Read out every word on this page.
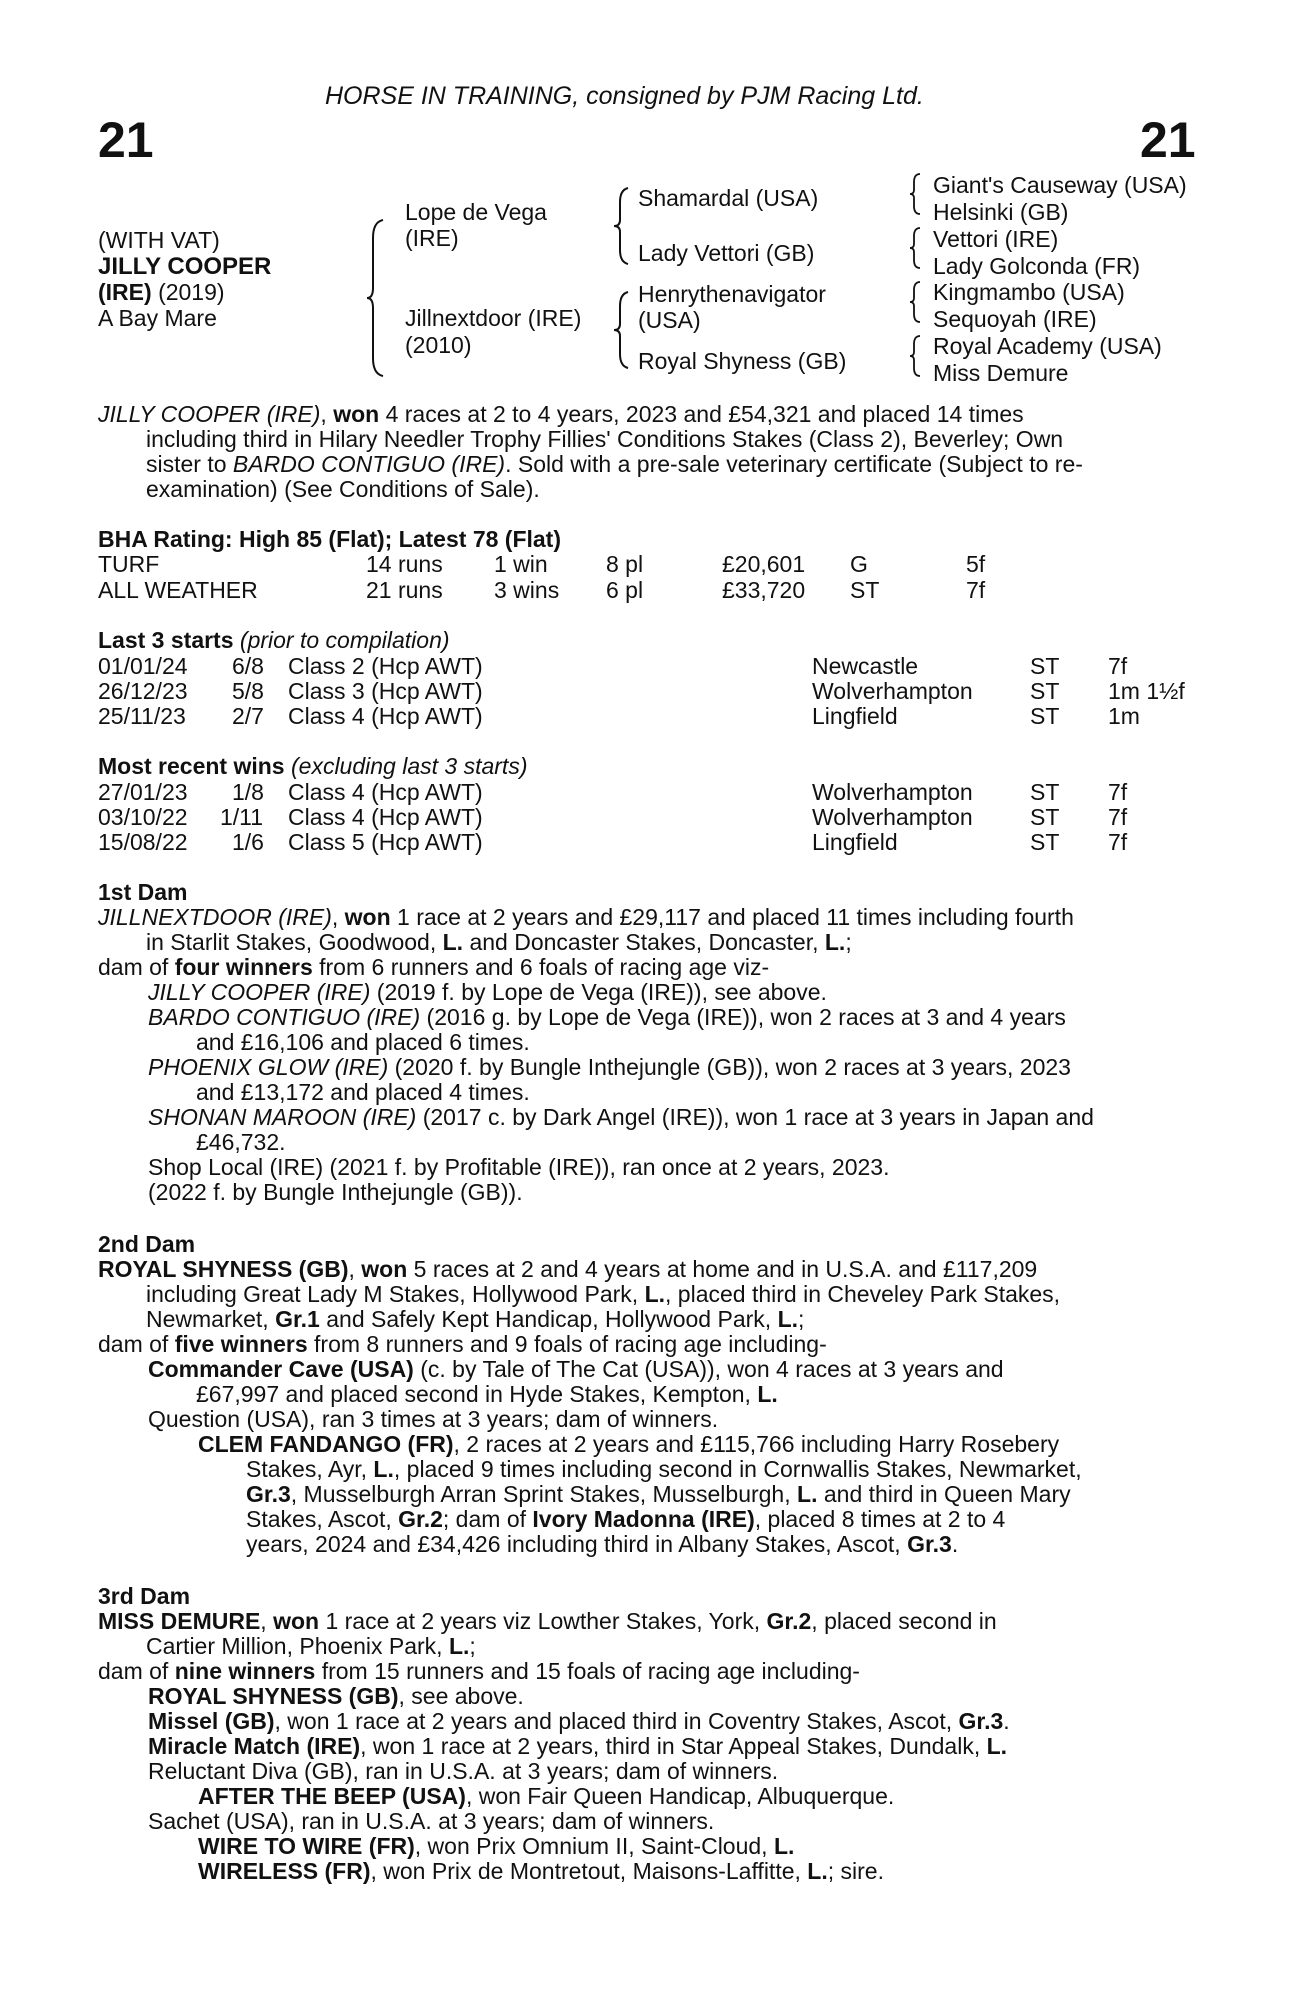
HORSE IN TRAINING, consigned by PJM Racing Ltd.
21	21
(WITH VAT)
JILLY COOPER
(IRE) (2019)
A Bay Mare
Lope de Vega
(IRE)
Jillnextdoor (IRE)
(2010)
Shamardal (USA)
Lady Vettori (GB)
Henrythenavigator
(USA)
Royal Shyness (GB)
Giant's Causeway (USA)
Helsinki (GB)
Vettori (IRE)
Lady Golconda (FR)
Kingmambo (USA)
Sequoyah (IRE)
Royal Academy (USA)
Miss Demure
JILLY COOPER (IRE), won 4 races at 2 to 4 years, 2023 and £54,321 and placed 14 times
including third in Hilary Needler Trophy Fillies' Conditions Stakes (Class 2), Beverley; Own
sister to BARDO CONTIGUO (IRE). Sold with a pre-sale veterinary certificate (Subject to re-
examination) (See Conditions of Sale).
BHA Rating: High 85 (Flat); Latest 78 (Flat)
TURF	14 runs 1 win	8 pl	£20,601 G	5f
ALL WEATHER	21 runs 3 wins 6 pl	£33,720 ST	7f
Last 3 starts (prior to compilation)
01/01/24 6/8 Class 2 (Hcp AWT)	Newcastle	ST 7f
26/12/23 5/8 Class 3 (Hcp AWT)	Wolverhampton ST 1m 1½f
25/11/23 2/7 Class 4 (Hcp AWT)	Lingfield	ST 1m
Most recent wins (excluding last 3 starts)
27/01/23 1/8 Class 4 (Hcp AWT)	Wolverhampton ST 7f
03/10/22 1/11 Class 4 (Hcp AWT)	Wolverhampton ST 7f
15/08/22 1/6 Class 5 (Hcp AWT)	Lingfield	ST 7f
1st Dam
JILLNEXTDOOR (IRE), won 1 race at 2 years and £29,117 and placed 11 times including fourth
in Starlit Stakes, Goodwood, L. and Doncaster Stakes, Doncaster, L.;
dam of four winners from 6 runners and 6 foals of racing age viz-
JILLY COOPER (IRE) (2019 f. by Lope de Vega (IRE)), see above.
BARDO CONTIGUO (IRE) (2016 g. by Lope de Vega (IRE)), won 2 races at 3 and 4 years
and £16,106 and placed 6 times.
PHOENIX GLOW (IRE) (2020 f. by Bungle Inthejungle (GB)), won 2 races at 3 years, 2023
and £13,172 and placed 4 times.
SHONAN MAROON (IRE) (2017 c. by Dark Angel (IRE)), won 1 race at 3 years in Japan and
£46,732.
Shop Local (IRE) (2021 f. by Profitable (IRE)), ran once at 2 years, 2023.
(2022 f. by Bungle Inthejungle (GB)).
2nd Dam
ROYAL SHYNESS (GB), won 5 races at 2 and 4 years at home and in U.S.A. and £117,209
including Great Lady M Stakes, Hollywood Park, L., placed third in Cheveley Park Stakes,
Newmarket, Gr.1 and Safely Kept Handicap, Hollywood Park, L.;
dam of five winners from 8 runners and 9 foals of racing age including-
Commander Cave (USA) (c. by Tale of The Cat (USA)), won 4 races at 3 years and
£67,997 and placed second in Hyde Stakes, Kempton, L.
Question (USA), ran 3 times at 3 years; dam of winners.
CLEM FANDANGO (FR), 2 races at 2 years and £115,766 including Harry Rosebery
Stakes, Ayr, L., placed 9 times including second in Cornwallis Stakes, Newmarket,
Gr.3, Musselburgh Arran Sprint Stakes, Musselburgh, L. and third in Queen Mary
Stakes, Ascot, Gr.2; dam of Ivory Madonna (IRE), placed 8 times at 2 to 4
years, 2024 and £34,426 including third in Albany Stakes, Ascot, Gr.3.
3rd Dam
MISS DEMURE, won 1 race at 2 years viz Lowther Stakes, York, Gr.2, placed second in
Cartier Million, Phoenix Park, L.;
dam of nine winners from 15 runners and 15 foals of racing age including-
ROYAL SHYNESS (GB), see above.
Missel (GB), won 1 race at 2 years and placed third in Coventry Stakes, Ascot, Gr.3.
Miracle Match (IRE), won 1 race at 2 years, third in Star Appeal Stakes, Dundalk, L.
Reluctant Diva (GB), ran in U.S.A. at 3 years; dam of winners.
AFTER THE BEEP (USA), won Fair Queen Handicap, Albuquerque.
Sachet (USA), ran in U.S.A. at 3 years; dam of winners.
WIRE TO WIRE (FR), won Prix Omnium II, Saint-Cloud, L.
WIRELESS (FR), won Prix de Montretout, Maisons-Laffitte, L.; sire.
